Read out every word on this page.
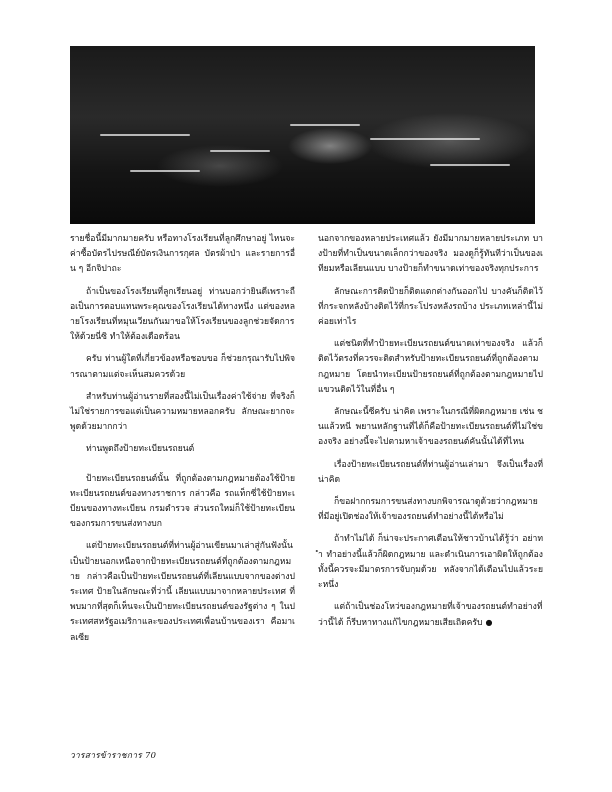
รายชื่อนี้มีมากมายครับ หรือทางโรงเรียนที่ลูกศึกษาอยู่ ไหนจะค่าซื้อบัตรไปรษณีย์บัตรเงินการกุศล บัตรผ้าป่า และรายการอื่น ๆ อีกจิปาถะ

ถ้าเป็นของโรงเรียนที่ลูกเรียนอยู่ ท่านบอกว่ายินดีเพราะถือเป็นการตอบแทนพระคุณของโรงเรียนได้ทางหนึ่ง แต่ของหลายโรงเรียนที่หมุนเวียนกันมาขอให้โรงเรียนของลูกช่วยจัดการให้ด้วยนี่ซิ ทำให้ต้องเดือดร้อน

ครับ ท่านผู้ใดที่เกี่ยวข้องหรือชอบขอ ก็ช่วยกรุณารับไปพิจารณาตามแต่จะเห็นสมควรด้วย

สำหรับท่านผู้อ่านรายที่สองนี้ไม่เป็นเรื่องค่าใช้จ่าย ที่จริงก็ไม่ใช่รายการขอแต่เป็นความหมายหลอกครับ ลักษณะยากจะพูดด้วยมากกว่า

ท่านพูดถึงป้ายทะเบียนรถยนต์

ป้ายทะเบียนรถยนต์นั้น ที่ถูกต้องตามกฎหมายต้องใช้ป้ายทะเบียนรถยนต์ของทางราชการ กล่าวคือ รถแท็กซี่ใช้ป้ายทะเบียนของทางทะเบียน กรมตำรวจ ส่วนรถใหม่ก็ใช้ป้ายทะเบียนของกรมการขนส่งทางบก

แต่ป้ายทะเบียนรถยนต์ที่ท่านผู้อ่านเขียนมาเล่าสู่กันฟังนั้น เป็นป้ายนอกเหนือจากป้ายทะเบียนรถยนต์ที่ถูกต้องตามกฎหมาย กล่าวคือเป็นป้ายทะเบียนรถยนต์ที่เลียนแบบจากของต่างประเทศ ป้ายในลักษณะที่ว่านี้ เลียนแบบมาจากหลายประเทศ ที่พบมากที่สุดก็เห็นจะเป็นป้ายทะเบียนรถยนต์ของรัฐต่าง ๆ ในประเทศสหรัฐอเมริกาและของประเทศเพื่อนบ้านของเรา คือมาเลเซีย

นอกจากของหลายประเทศแล้ว ยังมีมากมายหลายประเภท บางป้ายที่ทำเป็นขนาดเล็กกว่าของจริง มองดูก็รู้ทันทีว่าเป็นของเทียมหรือเลียนแบบ บางป้ายก็ทำขนาดเท่าของจริงทุกประการ

ลักษณะการติดป้ายก็ติดแตกต่างกันออกไป บางคันก็ติดไว้ที่กระจกหลังบ้างติดไว้ที่กระโปรงหลังรถบ้าง ประเภทเหล่านี้ไม่ค่อยเท่าไร

แต่ชนิดที่ทำป้ายทะเบียนรถยนต์ขนาดเท่าของจริง แล้วก็ติดไว้ตรงที่ควรจะติดสำหรับป้ายทะเบียนรถยนต์ที่ถูกต้องตามกฎหมาย โดยนำทะเบียนป้ายรถยนต์ที่ถูกต้องตามกฎหมายไปแขวนติดไว้ในที่อื่น ๆ

ลักษณะนี้ซีครับ น่าคิด เพราะในกรณีที่ผิดกฎหมาย เช่น ชนแล้วหนี พยานหลักฐานที่ได้ก็คือป้ายทะเบียนรถยนต์ที่ไม่ใช่ของจริง อย่างนี้จะไปตามหาเจ้าของรถยนต์คันนั้นได้ที่ไหน

เรื่องป้ายทะเบียนรถยนต์ที่ท่านผู้อ่านเล่ามา จึงเป็นเรื่องที่น่าคิด

ก็ขอฝากกรมการขนส่งทางบกพิจารณาดูด้วยว่ากฎหมายที่มีอยู่เปิดช่องให้เจ้าของรถยนต์ทำอย่างนี้ได้หรือไม่

ถ้าทำไม่ได้ ก็น่าจะประกาศเตือนให้ชาวบ้านได้รู้ว่า อย่าทำ ทำอย่างนี้แล้วก็ผิดกฎหมาย และดำเนินการเอาผิดให้ถูกต้อง ทั้งนี้ควรจะมีมาตรการจับกุมด้วย หลังจากได้เตือนไปแล้วระยะหนึ่ง

แต่ถ้าเป็นช่องโหว่ของกฎหมายที่เจ้าของรถยนต์ทำอย่างที่ว่านี้ได้ ก็รีบหาทางแก้ไขกฎหมายเสียเถิดครับ ●

วารสารข้าราชการ 70
